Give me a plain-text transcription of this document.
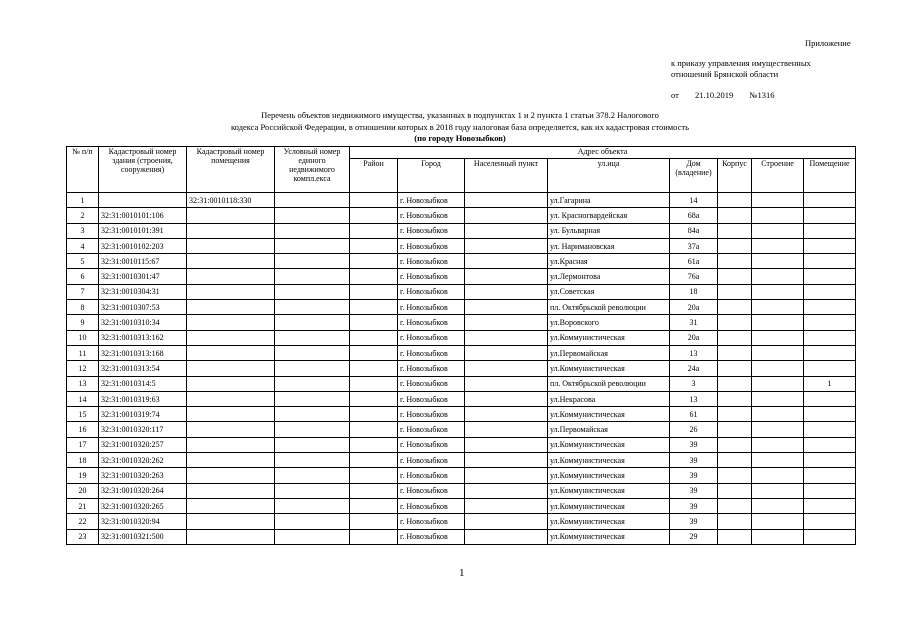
Приложение
к приказу управления имущественных
отношений Брянской области
от 21.10.2019 №1316
Перечень объектов недвижимого имущества, указанных в подпунктах 1 и 2 пункта 1 статьи 378.2 Налогового
кодекса Российской Федерации, в отношении которых в 2018 году налоговая база определяется, как их кадастровая стоимость
(по городу Новозыбков)
№ п/п	Кадастровый номер здания (строения, сооружения)	Кадастровый номер помещения	Условный номер единого недвижимого компл.екса	Адрес объекта							
				Район	Город	Населенный пункт	ул.ица	Дом (владение)	Корпус	Строение	Помещение
1		32:31:0010118:330			г. Новозыбков		ул.Гагарина	14			
2	32:31:0010101:106				г. Новозыбков		ул. Красногвардейская	68а			
3	32:31:0010101:391				г. Новозыбков		ул. Бульварная	84а			
4	32:31:0010102:203				г. Новозыбков		ул. Наримановская	37а			
5	32:31:0010115:67				г. Новозыбков		ул.Красная	61а			
6	32:31:0010301:47				г. Новозыбков		ул.Лермонтова	76а			
7	32:31:0010304:31				г. Новозыбков		ул.Советская	18			
8	32:31:0010307:53				г. Новозыбков		пл. Октябрьской революции	20а			
9	32:31:0010310:34				г. Новозыбков		ул.Воровского	31			
10	32:31:0010313:162				г. Новозыбков		ул.Коммунистическая	20а			
11	32:31:0010313:168				г. Новозыбков		ул.Первомайская	13			
12	32:31:0010313:54				г. Новозыбков		ул.Коммунистическая	24а			
13	32:31:0010314:5				г. Новозыбков		пл. Октябрьской революции	3			1
14	32:31:0010319:63				г. Новозыбков		ул.Некрасова	13			
15	32:31:0010319:74				г. Новозыбков		ул.Коммунистическая	61			
16	32:31:0010320:117				г. Новозыбков		ул.Первомайская	26			
17	32:31:0010320:257				г. Новозыбков		ул.Коммунистическая	39			
18	32:31:0010320:262				г. Новозыбков		ул.Коммунистическая	39			
19	32:31:0010320:263				г. Новозыбков		ул.Коммунистическая	39			
20	32:31:0010320:264				г. Новозыбков		ул.Коммунистическая	39			
21	32:31:0010320:265				г. Новозыбков		ул.Коммунистическая	39			
22	32:31:0010320:94				г. Новозыбков		ул.Коммунистическая	39			
23	32:31:0010321:500				г. Новозыбков		ул.Коммунистическая	29			
1
